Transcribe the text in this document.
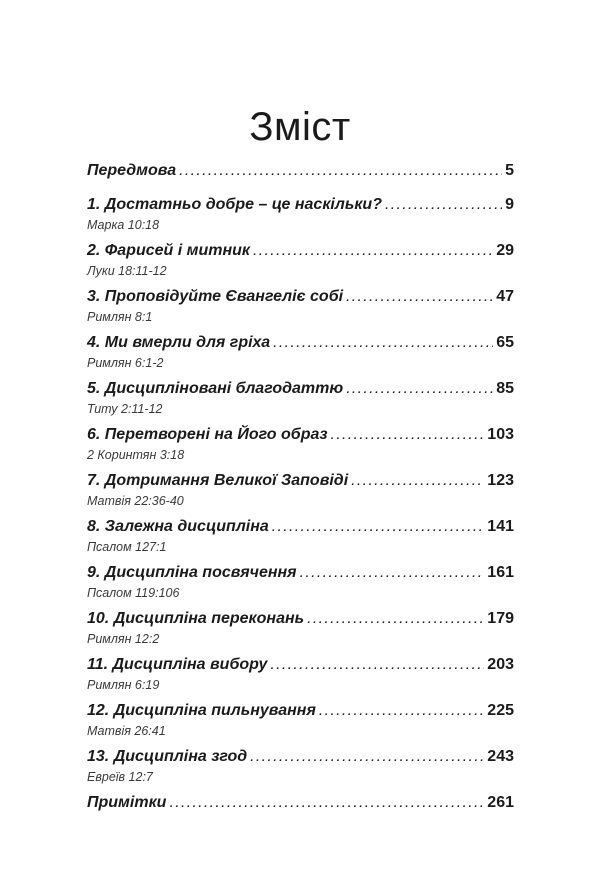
Зміст
Передмова .....	5
1. Достатньо добре – це наскільки? .....	9
Марка 10:18
2. Фарисей і митник .....	29
Луки 18:11-12
3. Проповідуйте Євангеліє собі .....	47
Римлян 8:1
4. Ми вмерли для гріха .....	65
Римлян 6:1-2
5. Дисципліновані благодаттю .....	85
Титу 2:11-12
6. Перетворені на Його образ .....	103
2 Коринтян 3:18
7. Дотримання Великої Заповіді .....	123
Матвія 22:36-40
8. Залежна дисципліна .....	141
Псалом 127:1
9. Дисципліна посвячення .....	161
Псалом 119:106
10. Дисципліна переконань .....	179
Римлян 12:2
11. Дисципліна вибору .....	203
Римлян 6:19
12. Дисципліна пильнування .....	225
Матвія 26:41
13. Дисципліна згод .....	243
Евреїв 12:7
Примітки .....	261
